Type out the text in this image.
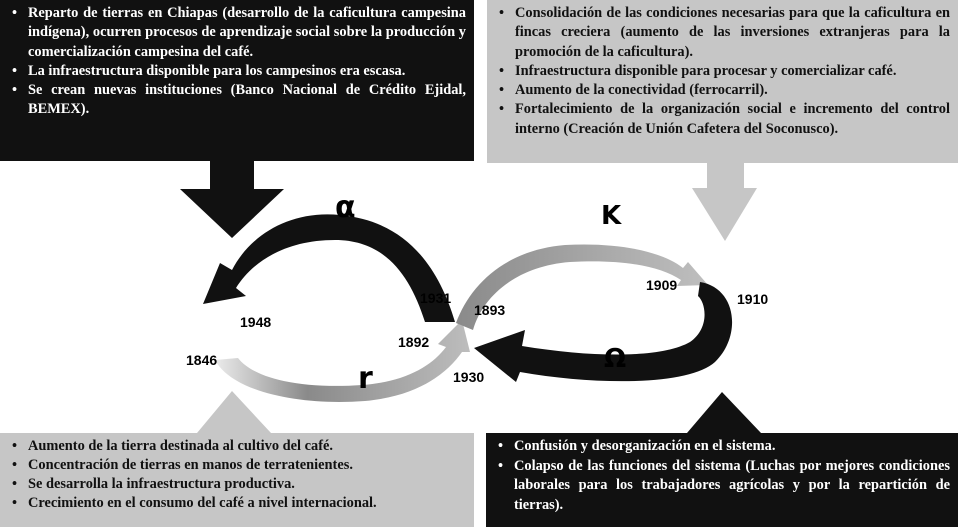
α	K
Ω
r
1846
1948
1931
1893
1892
1930
1909
1910
• Reparto de tierras en Chiapas (desarrollo de la caficultura campesina indígena), ocurren procesos de aprendizaje social sobre la producción y comercialización campesina del café.
• La infraestructura disponible para los campesinos era escasa.
• Se crean nuevas instituciones (Banco Nacional de Crédito Ejidal, BEMEX).
• Consolidación de las condiciones necesarias para que la caficultura en fincas creciera (aumento de las inversiones extranjeras para la promoción de la caficultura).
• Infraestructura disponible para procesar y comercializar café.
• Aumento de la conectividad (ferrocarril).
• Fortalecimiento de la organización social e incremento del control interno (Creación de Unión Cafetera del Soconusco).
• Aumento de la tierra destinada al cultivo del café.
• Concentración de tierras en manos de terratenientes.
• Se desarrolla la infraestructura productiva.
• Crecimiento en el consumo del café a nivel internacional.
• Confusión y desorganización en el sistema.
• Colapso de las funciones del sistema (Luchas por mejores condiciones laborales para los trabajadores agrícolas y por la repartición de tierras).
